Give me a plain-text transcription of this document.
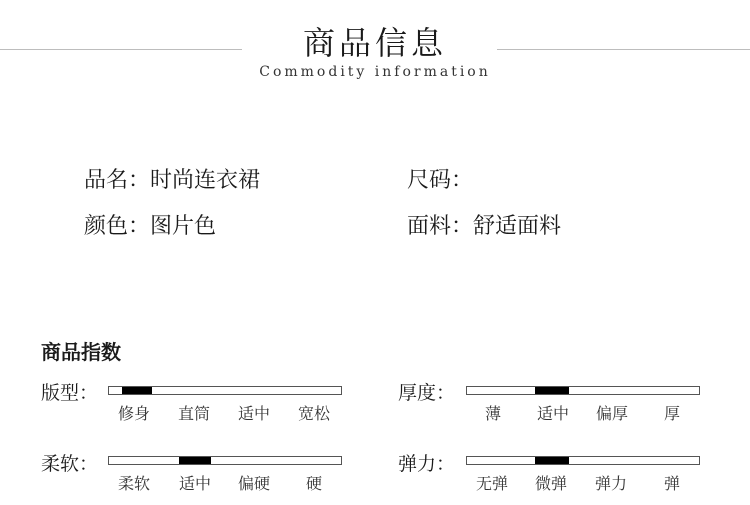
商品信息
Commodity information
品名：时尚连衣裙	尺码：
颜色：图片色	面料：舒适面料
商品指数
版型：
修身 直筒 适中 宽松
厚度：
薄 适中 偏厚 厚
柔软：
柔软 适中 偏硬 硬
弹力：
无弹 微弹 弹力 弹
